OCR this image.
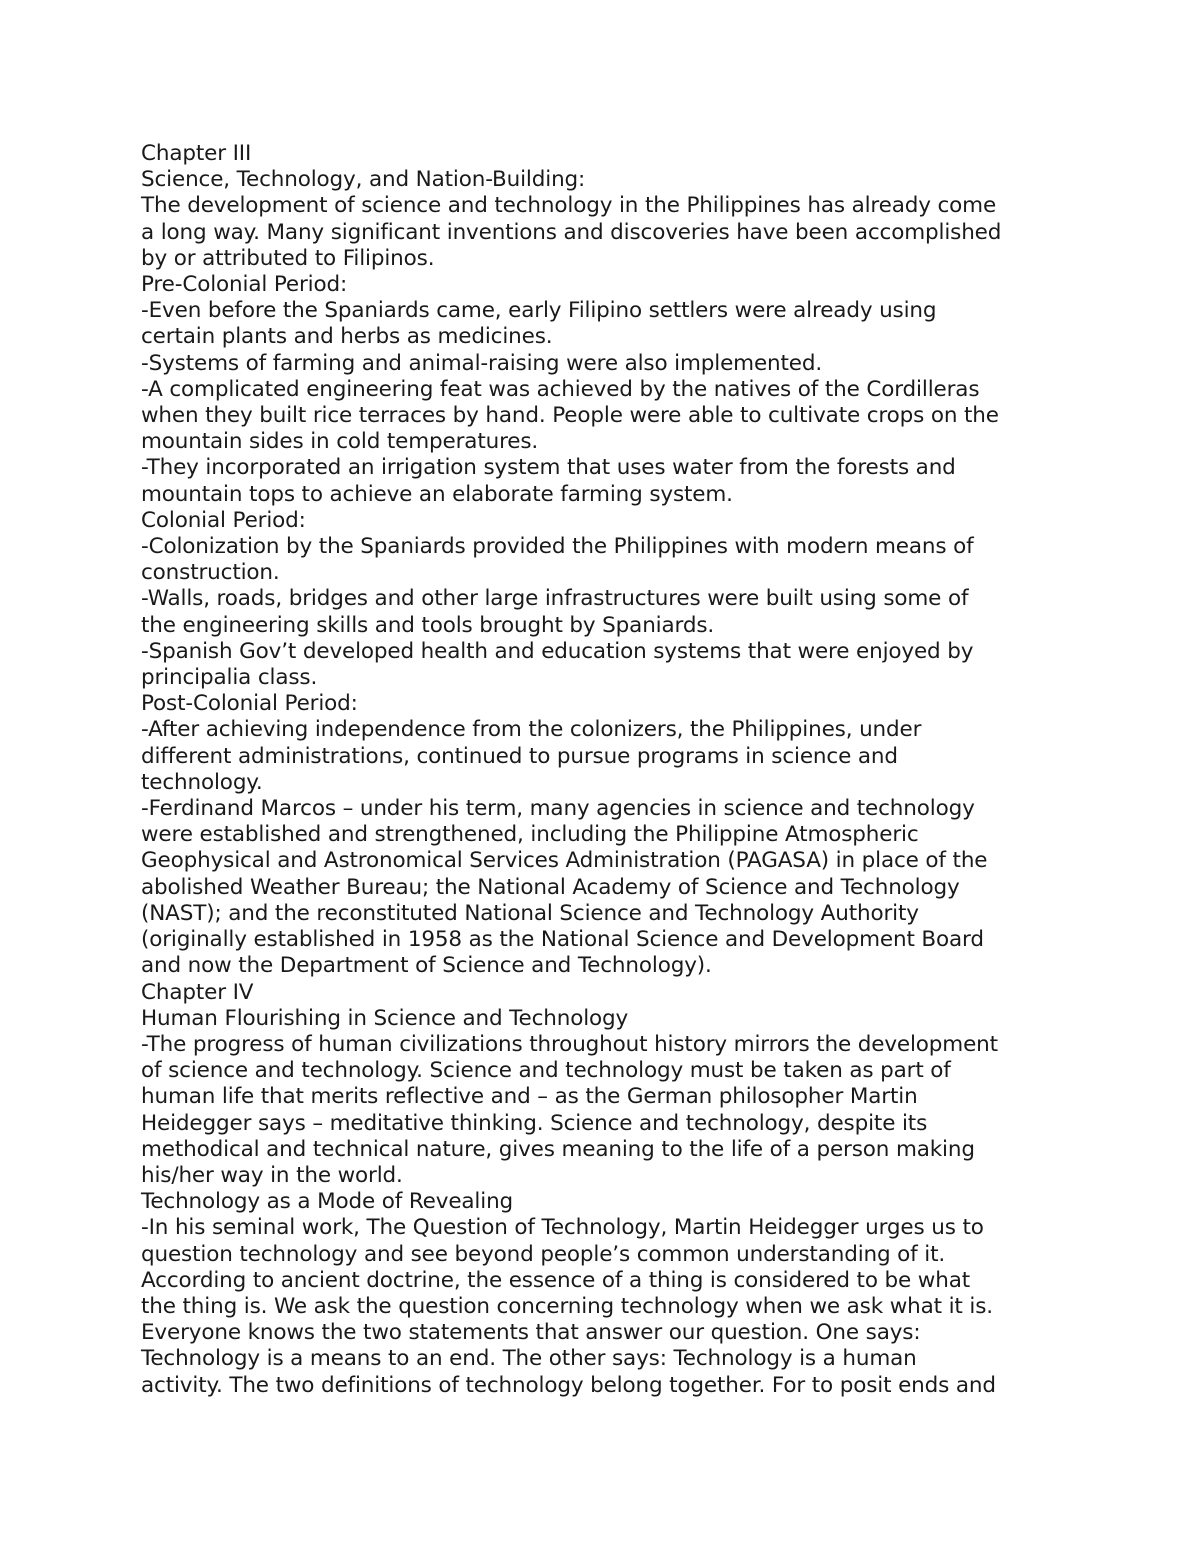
Chapter III
Science, Technology, and Nation-Building:
The development of science and technology in the Philippines has already come
a long way. Many significant inventions and discoveries have been accomplished
by or attributed to Filipinos.
Pre-Colonial Period:
-Even before the Spaniards came, early Filipino settlers were already using
certain plants and herbs as medicines.
-Systems of farming and animal-raising were also implemented.
-A complicated engineering feat was achieved by the natives of the Cordilleras
when they built rice terraces by hand. People were able to cultivate crops on the
mountain sides in cold temperatures.
-They incorporated an irrigation system that uses water from the forests and
mountain tops to achieve an elaborate farming system.
Colonial Period:
-Colonization by the Spaniards provided the Philippines with modern means of
construction.
-Walls, roads, bridges and other large infrastructures were built using some of
the engineering skills and tools brought by Spaniards.
-Spanish Gov’t developed health and education systems that were enjoyed by
principalia class.
Post-Colonial Period:
-After achieving independence from the colonizers, the Philippines, under
different administrations, continued to pursue programs in science and
technology.
-Ferdinand Marcos – under his term, many agencies in science and technology
were established and strengthened, including the Philippine Atmospheric
Geophysical and Astronomical Services Administration (PAGASA) in place of the
abolished Weather Bureau; the National Academy of Science and Technology
(NAST); and the reconstituted National Science and Technology Authority
(originally established in 1958 as the National Science and Development Board
and now the Department of Science and Technology).
Chapter IV
Human Flourishing in Science and Technology
-The progress of human civilizations throughout history mirrors the development
of science and technology. Science and technology must be taken as part of
human life that merits reflective and – as the German philosopher Martin
Heidegger says – meditative thinking. Science and technology, despite its
methodical and technical nature, gives meaning to the life of a person making
his/her way in the world.
Technology as a Mode of Revealing
-In his seminal work, The Question of Technology, Martin Heidegger urges us to
question technology and see beyond people’s common understanding of it.
According to ancient doctrine, the essence of a thing is considered to be what
the thing is. We ask the question concerning technology when we ask what it is.
Everyone knows the two statements that answer our question. One says:
Technology is a means to an end. The other says: Technology is a human
activity. The two definitions of technology belong together. For to posit ends and
